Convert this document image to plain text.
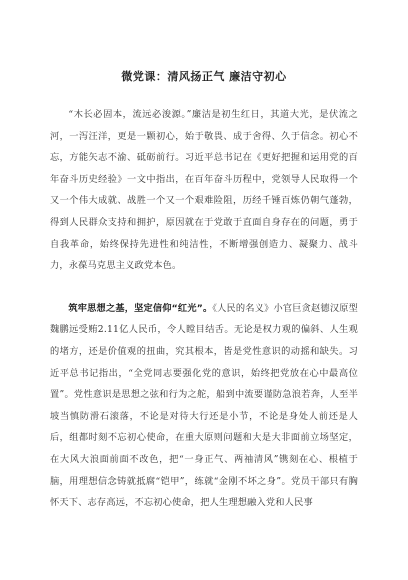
微党课：清风扬正气 廉洁守初心

“木长必固本，流远必浚源。”廉洁是初生红日，其道大光，是伏流之河，一泻汪洋，更是一颗初心，始于敬畏、成于舍得、久于信念。初心不忘，方能矢志不渝、砥砺前行。习近平总书记在《更好把握和运用党的百年奋斗历史经验》一文中指出，在百年奋斗历程中，党领导人民取得一个又一个伟大成就、战胜一个又一个艰难险阻，历经千锤百炼仍朝气蓬勃，得到人民群众支持和拥护，原因就在于党敢于直面自身存在的问题，勇于自我革命，始终保持先进性和纯洁性，不断增强创造力、凝聚力、战斗力，永葆马克思主义政党本色。

筑牢思想之基，坚定信仰“红光”。《人民的名义》小官巨贪赵德汉原型魏鹏远受贿2.11亿人民币，令人瞠目结舌。无论是权力观的偏斜、人生观的堵方，还是价值观的扭曲，究其根本，皆是党性意识的动摇和缺失。习近平总书记指出，“全党同志要强化党的意识，始终把党放在心中最高位置”。党性意识是思想之弦和行为之舵，船到中流要谨防急浪若奔，人至半坡当慎防滑石滚落，不论是对待大行还是小节，不论是身处人前还是人后，组都时刻不忘初心使命，在重大原则问题和大是大非面前立场坚定，在大风大浪面前面不改色，把“一身正气、两袖清风”镌刻在心、根植于脑，用理想信念铸就抵腐“铠甲”，练就“金刚不坏之身”。党员干部只有胸怀天下、志存高远，不忘初心使命，把人生理想融入党和人民事
